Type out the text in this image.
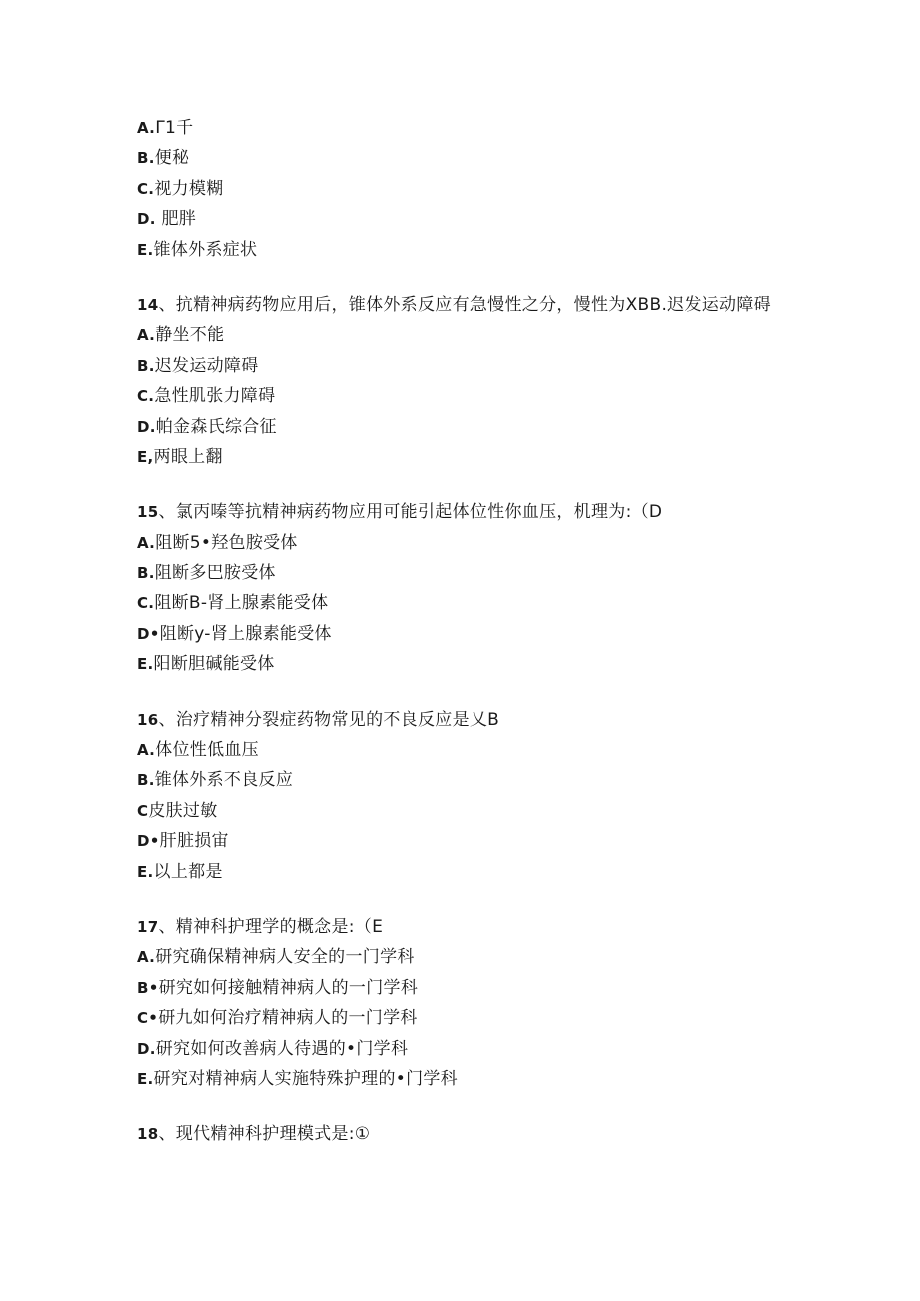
A.Γ1千
B.便秘
C.视力模糊
D. 肥胖
E.锥体外系症状
14、抗精神病药物应用后，锥体外系反应有急慢性之分，慢性为XBB.迟发运动障碍
A.静坐不能
B.迟发运动障碍
C.急性肌张力障碍
D.帕金森氏综合征
E,两眼上翻
15、氯丙嗪等抗精神病药物应用可能引起体位性你血压，机理为:（D
A.阻断5•羟色胺受体
B.阻断多巴胺受体
C.阻断B-肾上腺素能受体
D•阻断y-肾上腺素能受体
E.阳断胆碱能受体
16、治疗精神分裂症药物常见的不良反应是乂B
A.体位性低血压
B.锥体外系不良反应
C皮肤过敏
D•肝脏损宙
E.以上都是
17、精神科护理学的概念是:（E
A.研究确保精神病人安全的一门学科
B•研究如何接触精神病人的一门学科
C•研九如何治疗精神病人的一门学科
D.研究如何改善病人待遇的•门学科
E.研究对精神病人实施特殊护理的•门学科
18、现代精神科护理模式是:①
